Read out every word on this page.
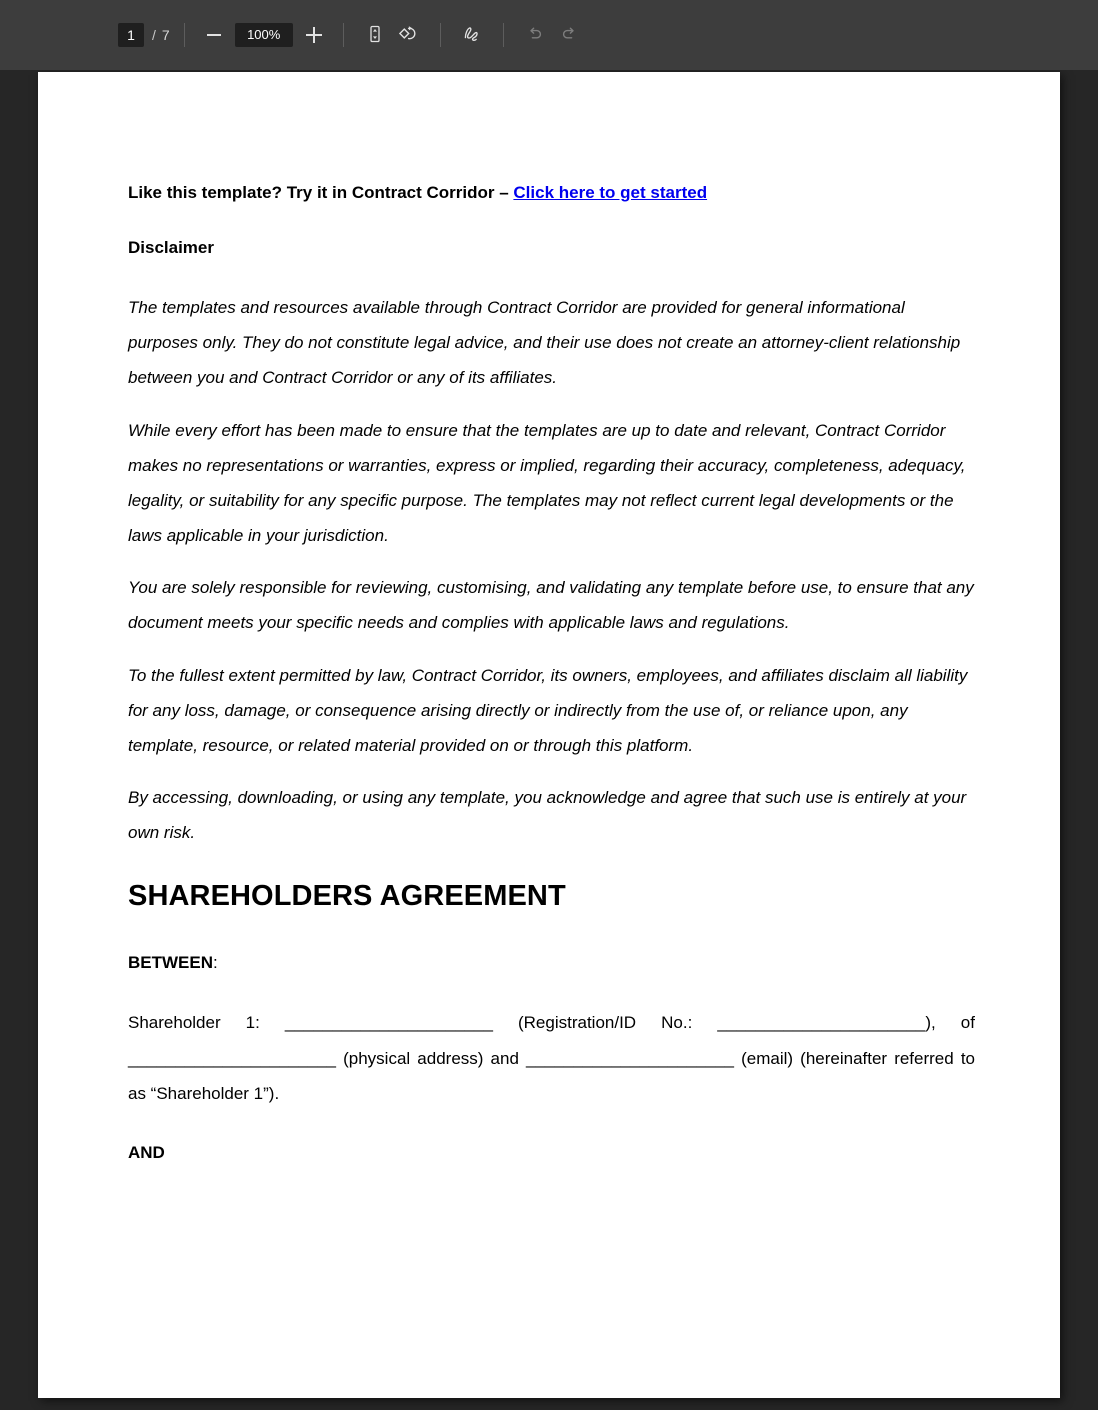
1	/ 7	100%

Like this template? Try it in Contract Corridor – Click here to get started

Disclaimer

The templates and resources available through Contract Corridor are provided for general informational purposes only. They do not constitute legal advice, and their use does not create an attorney-client relationship between you and Contract Corridor or any of its affiliates.

While every effort has been made to ensure that the templates are up to date and relevant, Contract Corridor makes no representations or warranties, express or implied, regarding their accuracy, completeness, adequacy, legality, or suitability for any specific purpose. The templates may not reflect current legal developments or the laws applicable in your jurisdiction.

You are solely responsible for reviewing, customising, and validating any template before use, to ensure that any document meets your specific needs and complies with applicable laws and regulations.

To the fullest extent permitted by law, Contract Corridor, its owners, employees, and affiliates disclaim all liability for any loss, damage, or consequence arising directly or indirectly from the use of, or reliance upon, any template, resource, or related material provided on or through this platform.

By accessing, downloading, or using any template, you acknowledge and agree that such use is entirely at your own risk.

SHAREHOLDERS AGREEMENT

BETWEEN:

Shareholder 1: ______________________ (Registration/ID No.: ______________________), of ______________________ (physical address) and ______________________ (email) (hereinafter referred to as “Shareholder 1”).

AND
